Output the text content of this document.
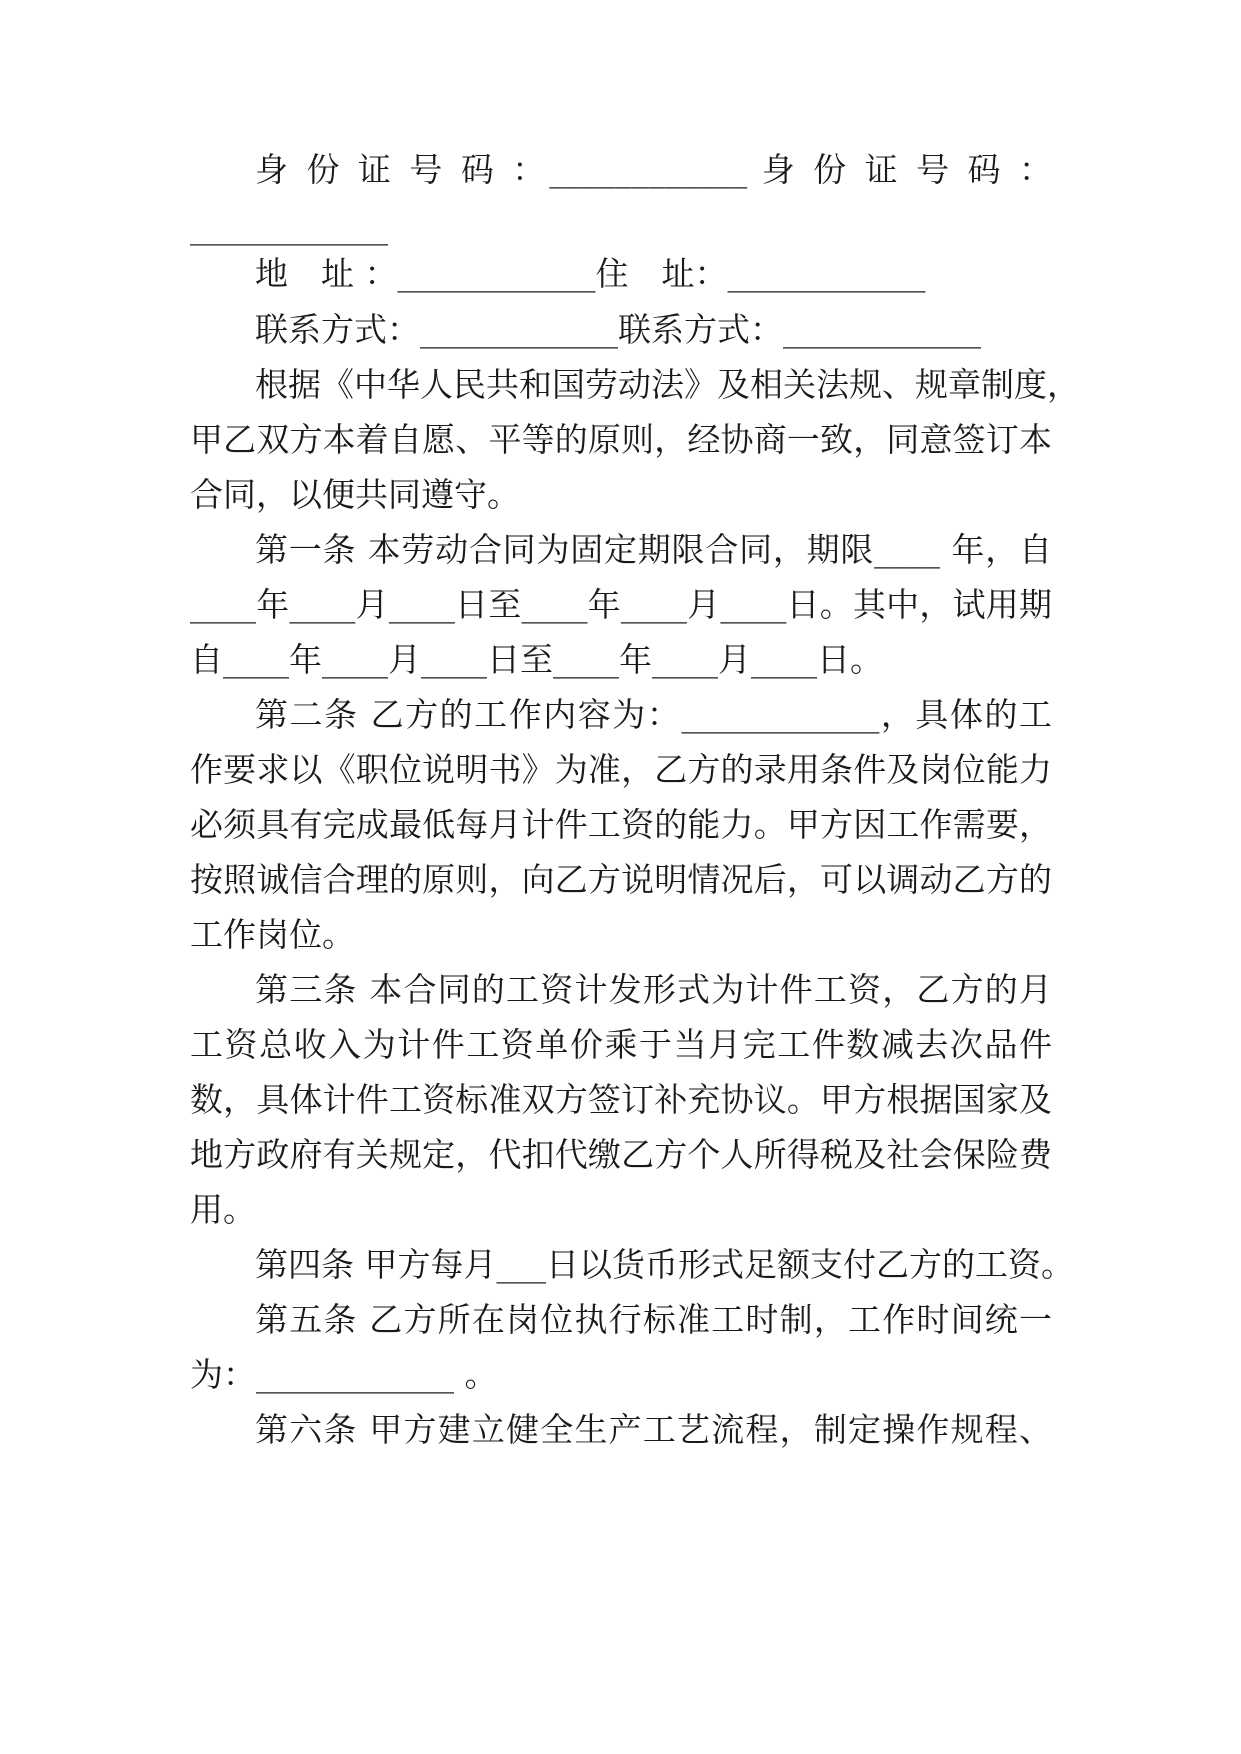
身 份 证 号 码 ：____________ 身 份 证 号 码 ：
____________
地　址 ：____________住　址：____________
联系方式：____________联系方式：____________
根据《中华人民共和国劳动法》及相关法规、规章制度，
甲乙双方本着自愿、平等的原则，经协商一致，同意签订本
合同，以便共同遵守。
第一条 本劳动合同为固定期限合同，期限____ 年，自
____年____月____日至____年____月____日。其中，试用期
自____年____月____日至____年____月____日。
第二条 乙方的工作内容为：____________，具体的工
作要求以《职位说明书》为准，乙方的录用条件及岗位能力
必须具有完成最低每月计件工资的能力。甲方因工作需要，
按照诚信合理的原则，向乙方说明情况后，可以调动乙方的
工作岗位。
第三条 本合同的工资计发形式为计件工资，乙方的月
工资总收入为计件工资单价乘于当月完工件数减去次品件
数，具体计件工资标准双方签订补充协议。甲方根据国家及
地方政府有关规定，代扣代缴乙方个人所得税及社会保险费
用。
第四条 甲方每月___日以货币形式足额支付乙方的工资。
第五条 乙方所在岗位执行标准工时制，工作时间统一
为：____________ 。
第六条 甲方建立健全生产工艺流程，制定操作规程、
